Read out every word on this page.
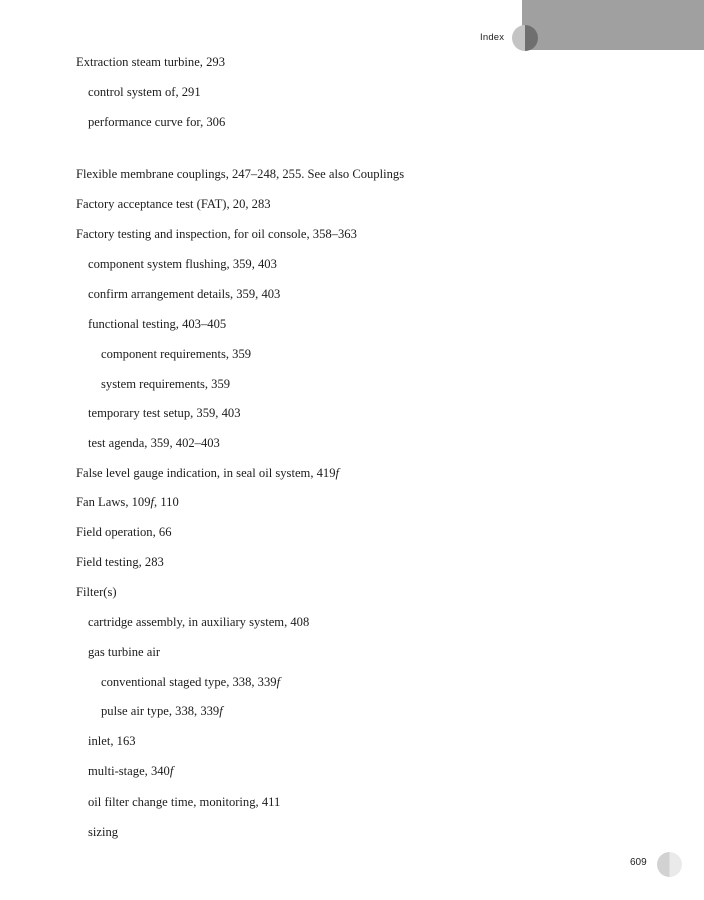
Index
Extraction steam turbine, 293
control system of, 291
performance curve for, 306
Flexible membrane couplings, 247–248, 255. See also Couplings
Factory acceptance test (FAT), 20, 283
Factory testing and inspection, for oil console, 358–363
component system flushing, 359, 403
confirm arrangement details, 359, 403
functional testing, 403–405
component requirements, 359
system requirements, 359
temporary test setup, 359, 403
test agenda, 359, 402–403
False level gauge indication, in seal oil system, 419f
Fan Laws, 109f, 110
Field operation, 66
Field testing, 283
Filter(s)
cartridge assembly, in auxiliary system, 408
gas turbine air
conventional staged type, 338, 339f
pulse air type, 338, 339f
inlet, 163
multi-stage, 340f
oil filter change time, monitoring, 411
sizing
609
